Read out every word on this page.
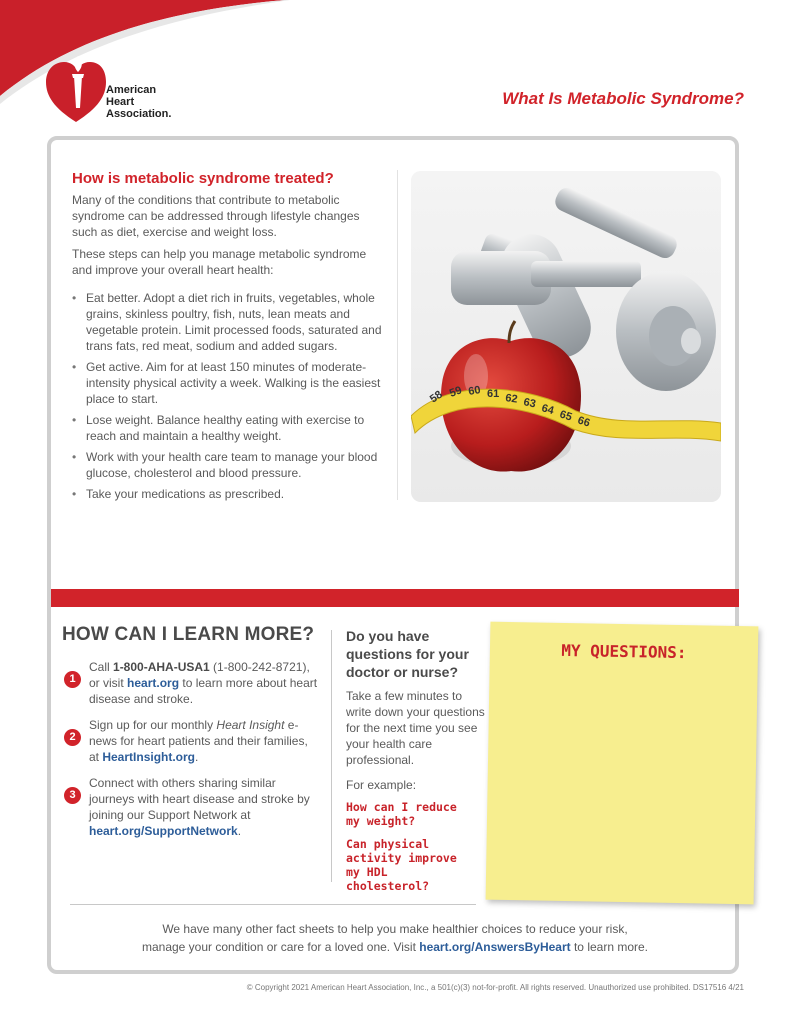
American
Heart
Association.
What Is Metabolic Syndrome?
How is metabolic syndrome treated?

Many of the conditions that contribute to metabolic syndrome can be addressed through lifestyle changes such as diet, exercise and weight loss.

These steps can help you manage metabolic syndrome and improve your overall heart health:

• Eat better. Adopt a diet rich in fruits, vegetables, whole grains, skinless poultry, fish, nuts, lean meats and vegetable protein. Limit processed foods, saturated and trans fats, red meat, sodium and added sugars.
• Get active. Aim for at least 150 minutes of moderate-intensity physical activity a week. Walking is the easiest place to start.
• Lose weight. Balance healthy eating with exercise to reach and maintain a healthy weight.
• Work with your health care team to manage your blood glucose, cholesterol and blood pressure.
• Take your medications as prescribed.
58 59 60 61 62 63 64 65 66
HOW CAN I LEARN MORE?
1
Call 1-800-AHA-USA1 (1-800-242-8721), or visit heart.org to learn more about heart disease and stroke.
2
Sign up for our monthly Heart Insight e-news for heart patients and their families, at HeartInsight.org.
3
Connect with others sharing similar journeys with heart disease and stroke by joining our Support Network at heart.org/SupportNetwork.
Do you have questions for your doctor or nurse?
Take a few minutes to write down your questions for the next time you see your health care professional.
For example:
How can I reduce my weight?
Can physical activity improve my HDL cholesterol?
MY QUESTIONS:
We have many other fact sheets to help you make healthier choices to reduce your risk,
manage your condition or care for a loved one. Visit heart.org/AnswersByHeart to learn more.
© Copyright 2021 American Heart Association, Inc., a 501(c)(3) not-for-profit. All rights reserved. Unauthorized use prohibited. DS17516 4/21
